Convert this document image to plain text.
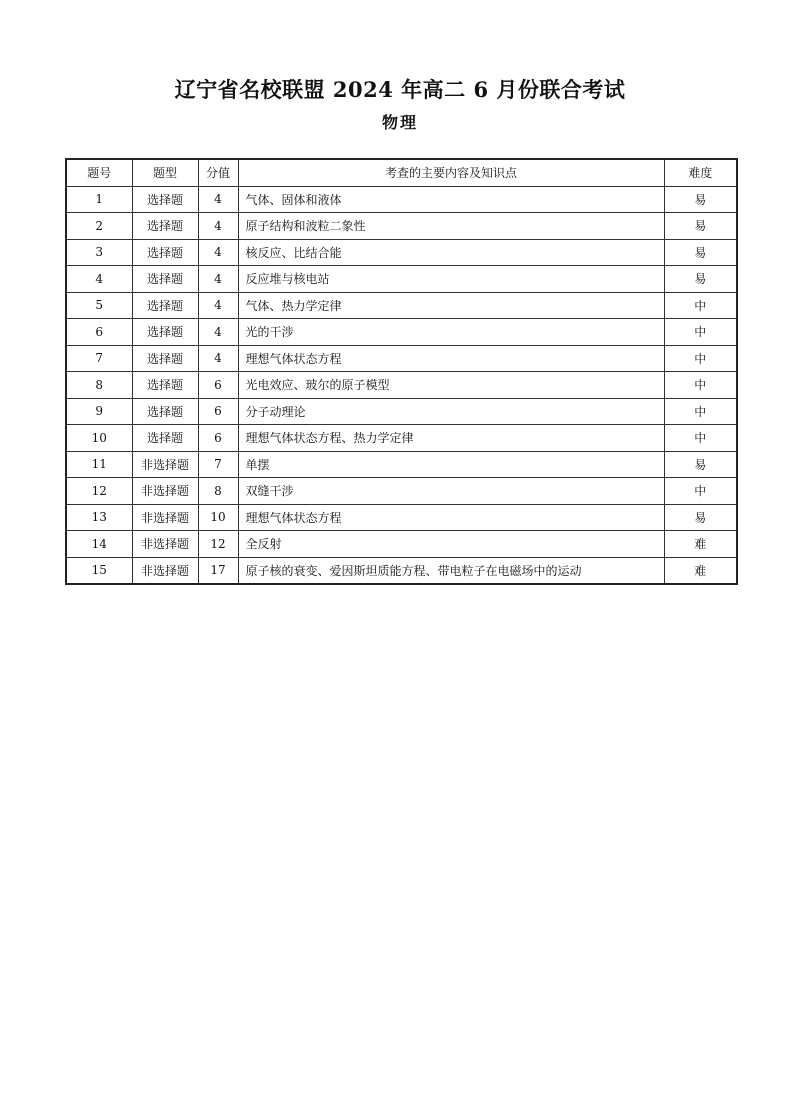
辽宁省名校联盟 2024 年高二 6 月份联合考试
物理
题号	题型	分值	考查的主要内容及知识点	难度
1	选择题	4	气体、固体和液体	易
2	选择题	4	原子结构和波粒二象性	易
3	选择题	4	核反应、比结合能	易
4	选择题	4	反应堆与核电站	易
5	选择题	4	气体、热力学定律	中
6	选择题	4	光的干涉	中
7	选择题	4	理想气体状态方程	中
8	选择题	6	光电效应、玻尔的原子模型	中
9	选择题	6	分子动理论	中
10	选择题	6	理想气体状态方程、热力学定律	中
11	非选择题	7	单摆	易
12	非选择题	8	双缝干涉	中
13	非选择题	10	理想气体状态方程	易
14	非选择题	12	全反射	难
15	非选择题	17	原子核的衰变、爱因斯坦质能方程、带电粒子在电磁场中的运动	难
